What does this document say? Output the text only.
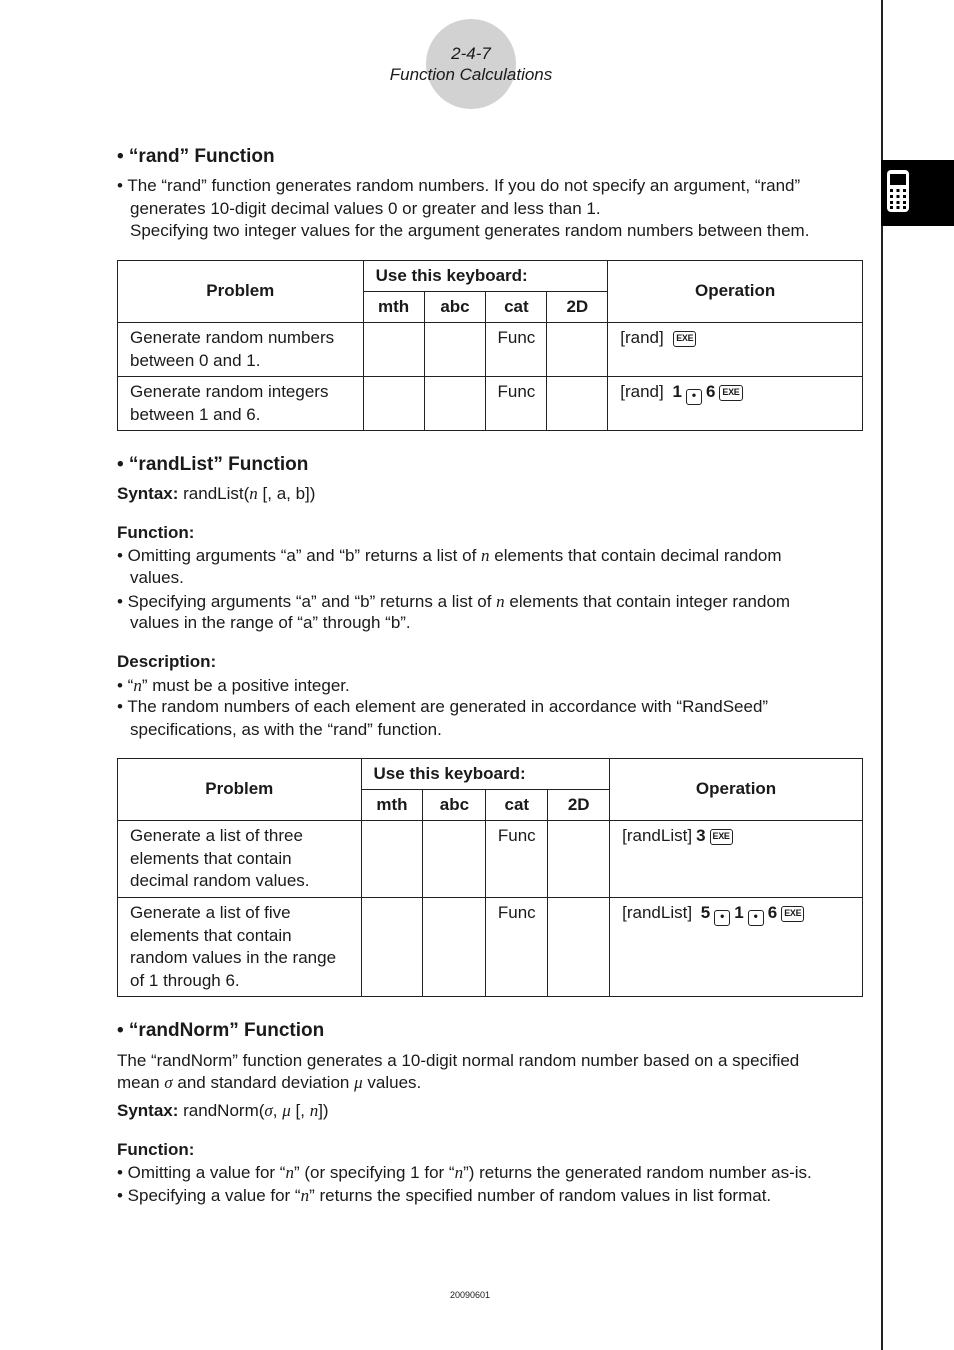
2-4-7
Function Calculations
• “rand” Function
• The “rand” function generates random numbers. If you do not specify an argument, “rand”
generates 10-digit decimal values 0 or greater and less than 1.
Specifying two integer values for the argument generates random numbers between them.
• “randList” Function
Syntax: randList(n [, a, b])
Function:
• Omitting arguments “a” and “b” returns a list of n elements that contain decimal random
values.
• Specifying arguments “a” and “b” returns a list of n elements that contain integer random
values in the range of “a” through “b”.
Description:
• “n” must be a positive integer.
• The random numbers of each element are generated in accordance with “RandSeed”
specifications, as with the “rand” function.
• “randNorm” Function
The “randNorm” function generates a 10-digit normal random number based on a specified
mean σ and standard deviation μ values.
Syntax: randNorm(σ, μ [, n])
Function:
• Omitting a value for “n” (or specifying 1 for “n”) returns the generated random number as-is.
• Specifying a value for “n” returns the specified number of random values in list format.
Problem	Use this keyboard:				Operation
	mth	abc	cat	2D	
Generate random numbers
between 0 and 1.			Func		[rand] EXE
Generate random integers
between 1 and 6.			Func		[rand] 1 • 6 EXE
Problem	Use this keyboard:				Operation
	mth	abc	cat	2D	
Generate a list of three
elements that contain
decimal random values.			Func		[randList] 3 EXE
Generate a list of five
elements that contain
random values in the range
of 1 through 6.			Func		[randList] 5 • 1 • 6 EXE
20090601
